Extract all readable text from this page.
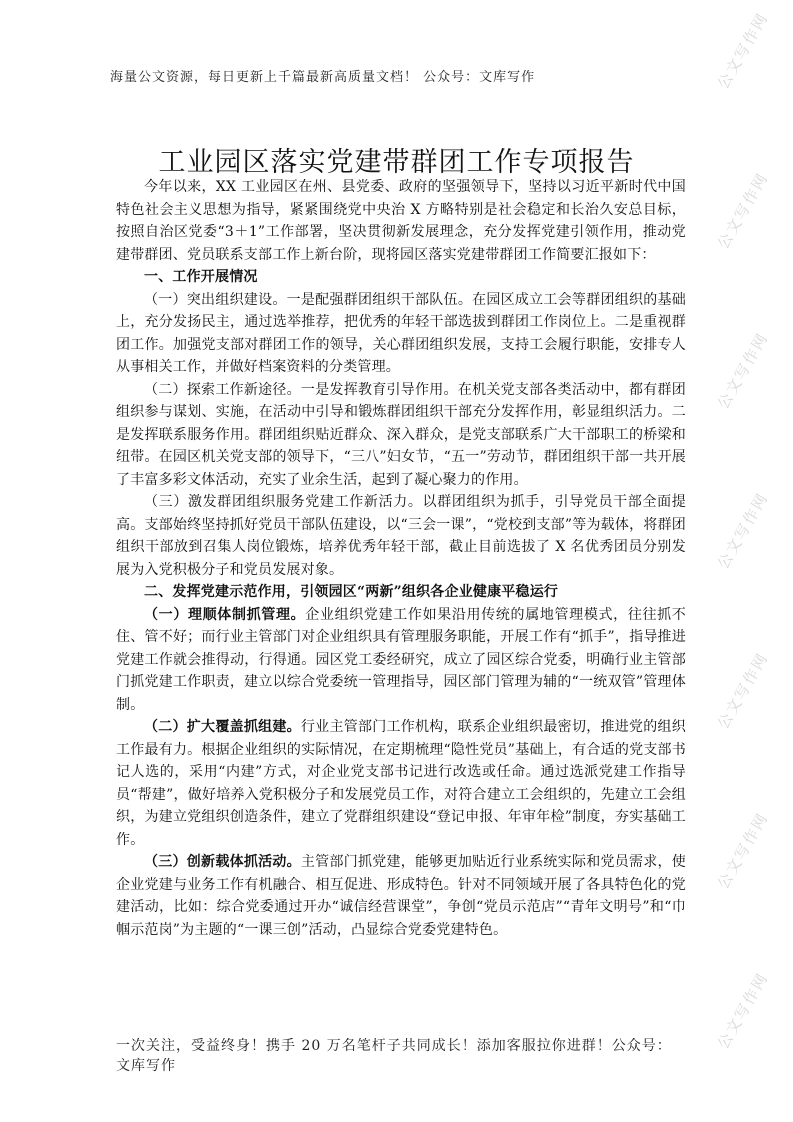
公文写作网
公文写作网
公文写作网
公文写作网
公文写作网
公文写作网
公文写作网
海量公文资源，每日更新上千篇最新高质量文档！ 公众号：文库写作
工业园区落实党建带群团工作专项报告

今年以来，XX 工业园区在州、县党委、政府的坚强领导下，坚持以习近平新时代中国特色社会主义思想为指导，紧紧围绕党中央治 X 方略特别是社会稳定和长治久安总目标，按照自治区党委“3＋1”工作部署，坚决贯彻新发展理念，充分发挥党建引领作用，推动党建带群团、党员联系支部工作上新台阶，现将园区落实党建带群团工作简要汇报如下：

一、工作开展情况

（一）突出组织建设。一是配强群团组织干部队伍。在园区成立工会等群团组织的基础上，充分发扬民主，通过选举推荐，把优秀的年轻干部选拔到群团工作岗位上。二是重视群团工作。加强党支部对群团工作的领导，关心群团组织发展，支持工会履行职能，安排专人从事相关工作，并做好档案资料的分类管理。

（二）探索工作新途径。一是发挥教育引导作用。在机关党支部各类活动中，都有群团组织参与谋划、实施，在活动中引导和锻炼群团组织干部充分发挥作用，彰显组织活力。二是发挥联系服务作用。群团组织贴近群众、深入群众，是党支部联系广大干部职工的桥梁和纽带。在园区机关党支部的领导下，“三八”妇女节，“五一”劳动节，群团组织干部一共开展了丰富多彩文体活动，充实了业余生活，起到了凝心聚力的作用。

（三）激发群团组织服务党建工作新活力。以群团组织为抓手，引导党员干部全面提高。支部始终坚持抓好党员干部队伍建设，以“三会一课”，“党校到支部”等为载体，将群团组织干部放到召集人岗位锻炼，培养优秀年轻干部，截止目前选拔了 X 名优秀团员分别发展为入党积极分子和党员发展对象。

二、发挥党建示范作用，引领园区“两新”组织各企业健康平稳运行

（一）理顺体制抓管理。企业组织党建工作如果沿用传统的属地管理模式，往往抓不住、管不好；而行业主管部门对企业组织具有管理服务职能，开展工作有“抓手”，指导推进党建工作就会推得动，行得通。园区党工委经研究，成立了园区综合党委，明确行业主管部门抓党建工作职责，建立以综合党委统一管理指导，园区部门管理为辅的“一统双管”管理体制。

（二）扩大覆盖抓组建。行业主管部门工作机构，联系企业组织最密切，推进党的组织工作最有力。根据企业组织的实际情况，在定期梳理“隐性党员”基础上，有合适的党支部书记人选的，采用“内建”方式，对企业党支部书记进行改选或任命。通过选派党建工作指导员“帮建”，做好培养入党积极分子和发展党员工作，对符合建立工会组织的，先建立工会组织，为建立党组织创造条件，建立了党群组织建设“登记申报、年审年检”制度，夯实基础工作。

（三）创新载体抓活动。主管部门抓党建，能够更加贴近行业系统实际和党员需求，使企业党建与业务工作有机融合、相互促进、形成特色。针对不同领域开展了各具特色化的党建活动，比如：综合党委通过开办“诚信经营课堂”，争创“党员示范店”“青年文明号”和“巾帼示范岗”为主题的“一课三创”活动，凸显综合党委党建特色。

一次关注，受益终身！携手 20 万名笔杆子共同成长！添加客服拉你进群！公众号：文库写作
